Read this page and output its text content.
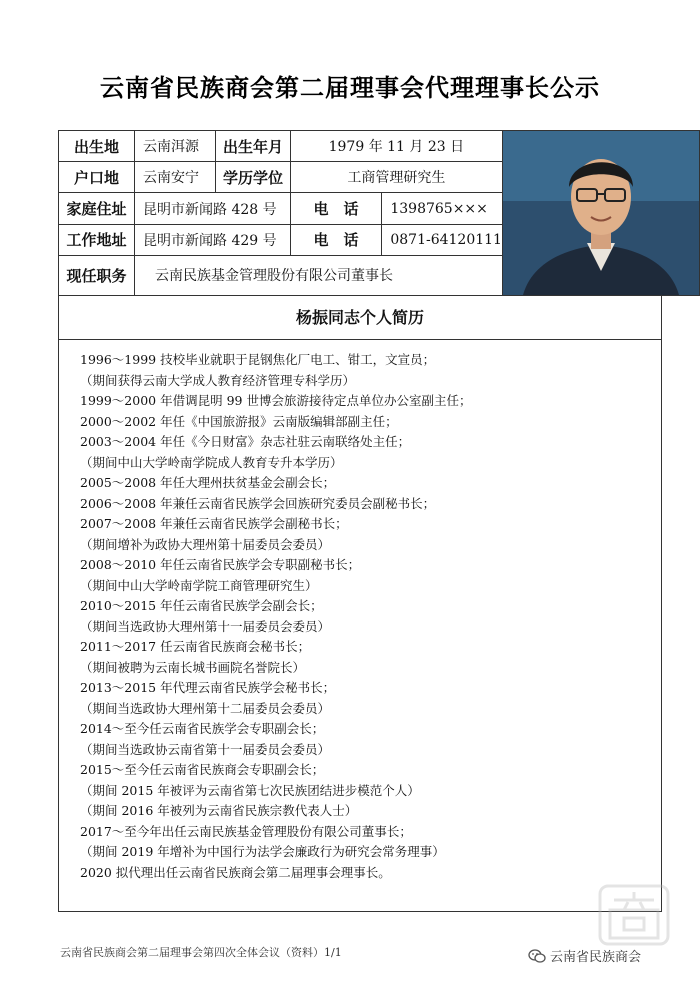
云南省民族商会第二届理事会代理理事长公示
出生地	云南洱源	出生年月	1979 年 11 月 23 日	

户口地	云南安宁	学历学位	工商管理研究生		
家庭住址	昆明市新闻路 428 号		电　话	1398765×××	
工作地址	昆明市新闻路 429 号		电　话	0871-64120111	
现任职务	云南民族基金管理股份有限公司董事长				
杨振同志个人简历
1996～1999 技校毕业就职于昆钢焦化厂电工、钳工，文宣员；
（期间获得云南大学成人教育经济管理专科学历）
1999～2000 年借调昆明 99 世博会旅游接待定点单位办公室副主任；
2000～2002 年任《中国旅游报》云南版编辑部副主任；
2003～2004 年任《今日财富》杂志社驻云南联络处主任；
（期间中山大学岭南学院成人教育专升本学历）
2005～2008 年任大理州扶贫基金会副会长；
2006～2008 年兼任云南省民族学会回族研究委员会副秘书长；
2007～2008 年兼任云南省民族学会副秘书长；
（期间增补为政协大理州第十届委员会委员）
2008～2010 年任云南省民族学会专职副秘书长；
（期间中山大学岭南学院工商管理研究生）
2010～2015 年任云南省民族学会副会长；
（期间当选政协大理州第十一届委员会委员）
2011～2017 任云南省民族商会秘书长；
（期间被聘为云南长城书画院名誉院长）
2013～2015 年代理云南省民族学会秘书长；
（期间当选政协大理州第十二届委员会委员）
2014～至今任云南省民族学会专职副会长；
（期间当选政协云南省第十一届委员会委员）
2015～至今任云南省民族商会专职副会长；
（期间 2015 年被评为云南省第七次民族团结进步模范个人）
（期间 2016 年被列为云南省民族宗教代表人士）
2017～至今年出任云南民族基金管理股份有限公司董事长；
（期间 2019 年增补为中国行为法学会廉政行为研究会常务理事）
2020 拟代理出任云南省民族商会第二届理事会理事长。
云南省民族商会第二届理事会第四次全体会议（资料）1/1	云南省民族商会
